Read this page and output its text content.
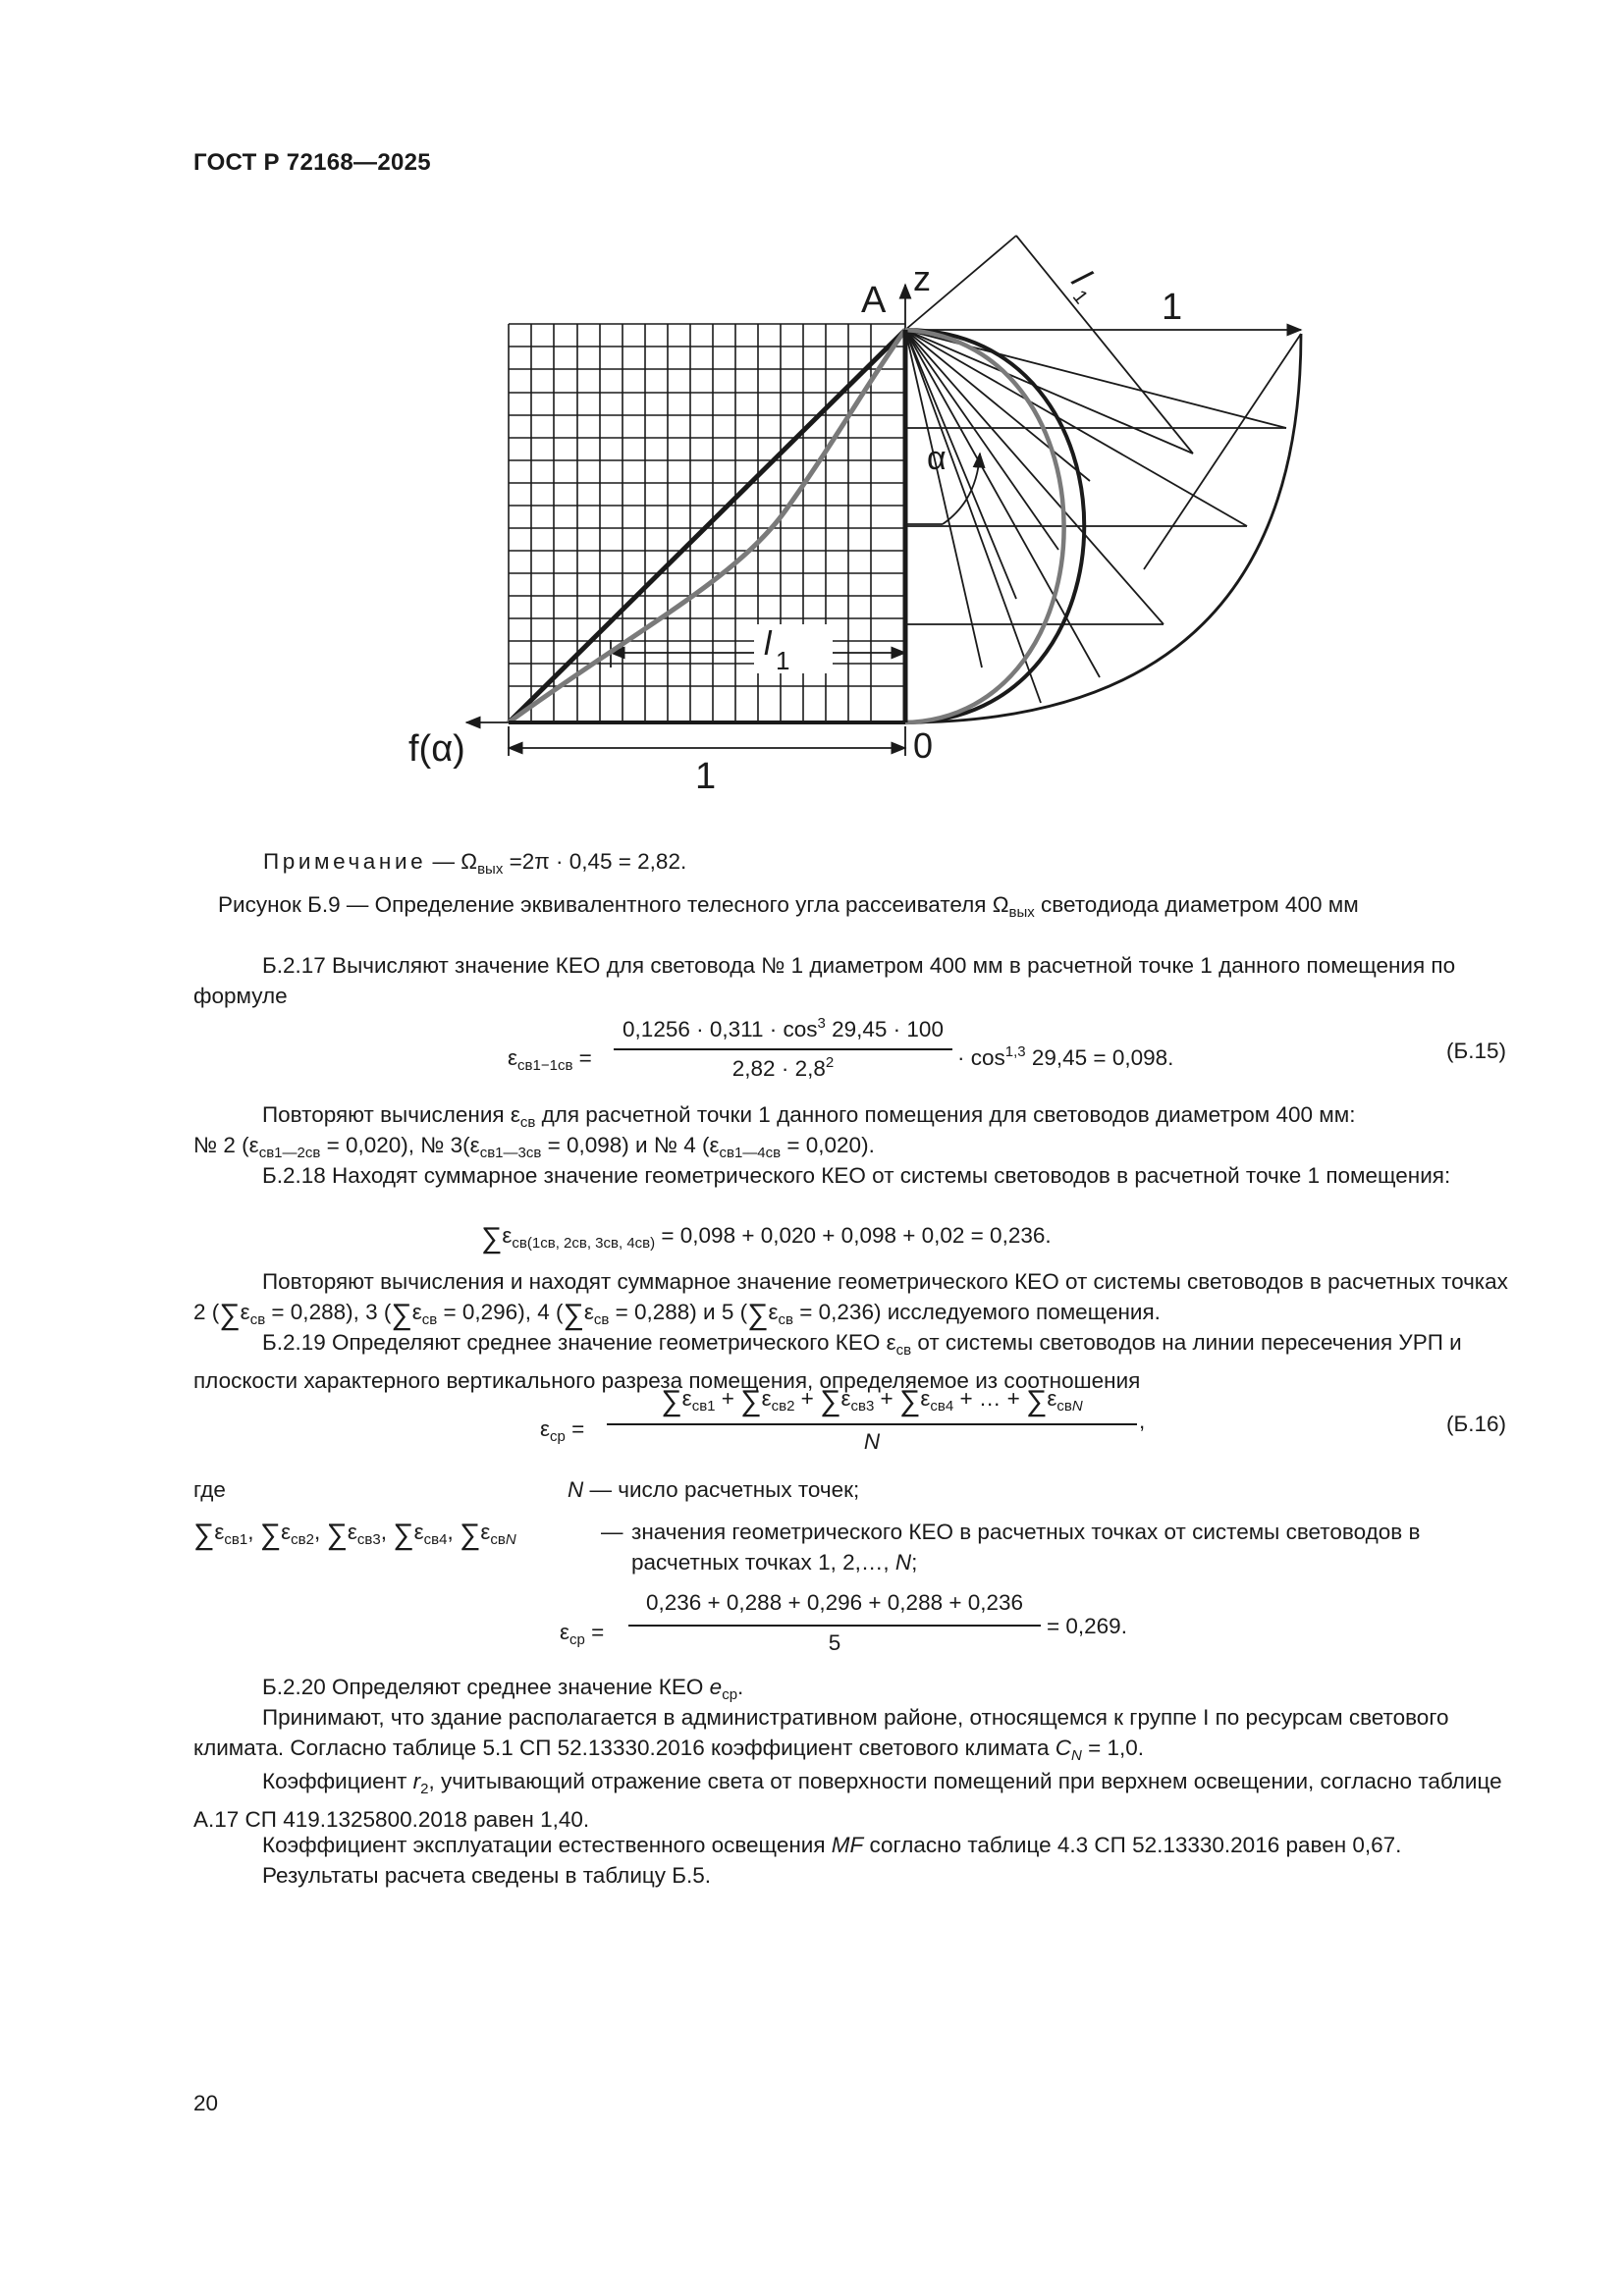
ГОСТ Р 72168—2025
A
z
1
l
1
α
l 1
f(α)	0
1
Примечание — $\Omega_{вых} =2\pi \cdot 0,45 = 2,82$.
Рисунок Б.9 — Определение эквивалентного телесного угла рассеивателя $\Omega_{вых}$ светодиода диаметром 400 мм
Б.2.17 Вычисляют значение КЕО для световода № 1 диаметром 400 мм в расчетной точке 1 данного помещения по формуле
$\varepsilon_{св1-1св}$ =
$0,1256 \cdot 0,311 \cdot \cos^3 29,45 \cdot 100$
$2,82 \cdot 2,8^2$	· $\cos^{1,3} 29,45 = 0,098$.	(Б.15)
Повторяют вычисления $\varepsilon_{св}$ для расчетной точки 1 данного помещения для световодов диаметром 400 мм:
№ 2 $(\varepsilon_{св1—2св} = 0,020)$, № $3(\varepsilon_{св1—3св} = 0,098)$ и № 4 $(\varepsilon_{св1—4св} = 0,020)$.
Б.2.18 Находят суммарное значение геометрического КЕО от системы световодов в расчетной точке 1 помещения:
$\sum\varepsilon_{св(1св, 2св, 3св, 4св)} = 0,098 + 0,020 + 0,098 + 0,02 = 0,236$.
Повторяют вычисления и находят суммарное значение геометрического КЕО от системы световодов в расчетных точках 2 $(\sum\varepsilon_{св} = 0,288)$, 3 $(\sum\varepsilon_{св} = 0,296)$, 4 $(\sum\varepsilon_{св} = 0,288)$ и 5 $(\sum\varepsilon_{св} = 0,236)$ исследуемого помещения.
Б.2.19 Определяют среднее значение геометрического КЕО $\varepsilon_{св}$ от системы световодов на линии пересечения УРП и плоскости характерного вертикального разреза помещения, определяемое из соотношения
$\varepsilon_{ср}$ =
$\sum\varepsilon_{св1} + \sum\varepsilon_{св2} + \sum\varepsilon_{св3} + \sum\varepsilon_{св4}$ + … + $\sum\varepsilon_{свN}$
N
,	(Б.16)
где	N — число расчетных точек;
$\sum\varepsilon_{св1}$, $\sum\varepsilon_{св2}$, $\sum\varepsilon_{св3}$, $\sum\varepsilon_{св4}$, $\sum\varepsilon_{свN}$	— значения геометрического КЕО в расчетных точках от системы световодов в
расчетных точках 1, 2,…, N;
$\varepsilon_{ср}$ =
0,236 + 0,288 + 0,296 + 0,288 + 0,236
5
= 0,269.
Б.2.20 Определяют среднее значение КЕО $e_{ср}$.
Принимают, что здание располагается в административном районе, относящемся к группе I по ресурсам светового климата. Согласно таблице 5.1 СП 52.13330.2016 коэффициент светового климата $C_N = 1,0$.
Коэффициент $r_2$, учитывающий отражение света от поверхности помещений при верхнем освещении, согласно таблице А.17 СП 419.1325800.2018 равен 1,40.
Коэффициент эксплуатации естественного освещения MF согласно таблице 4.3 СП 52.13330.2016 равен 0,67.
Результаты расчета сведены в таблицу Б.5.
20
